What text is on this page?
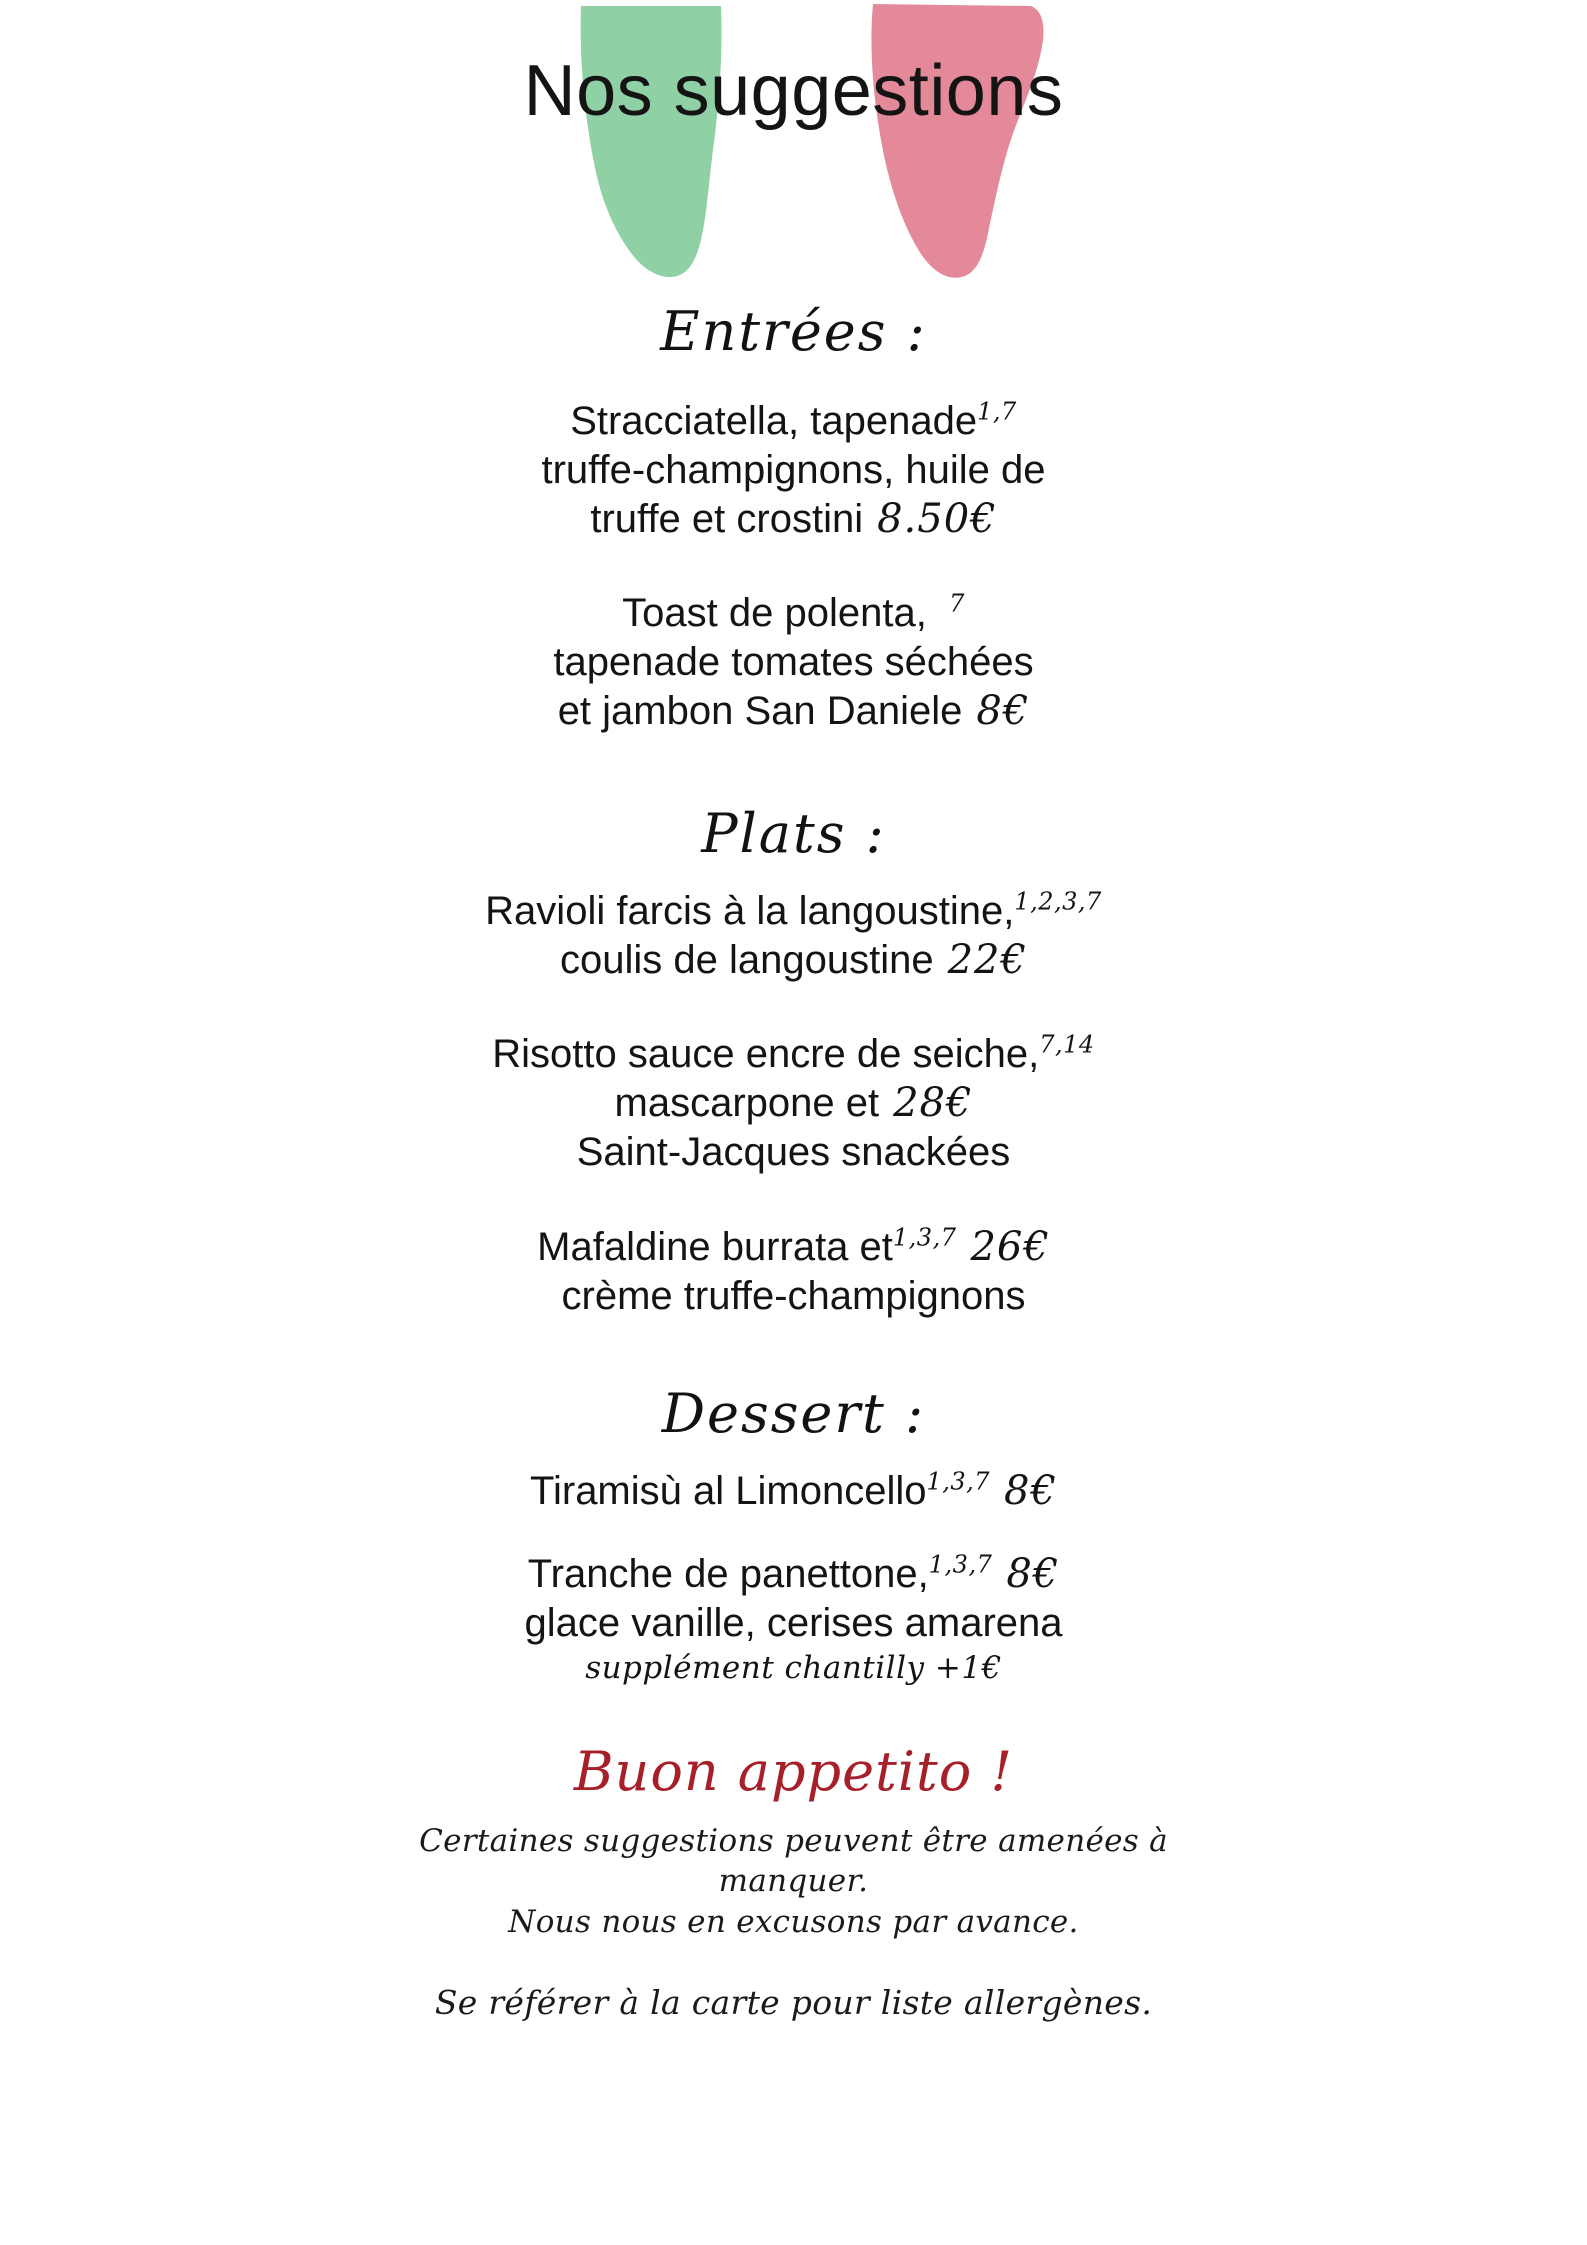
Nos suggestions
Entrées :
Stracciatella, tapenade$^{1,7}$
truffe-champignons, huile de
truffe et crostini 8.50€
Toast de polenta, $^7$
tapenade tomates séchées
et jambon San Daniele 8€
Plats :
Ravioli farcis à la langoustine,$^{1,2,3,7}$
coulis de langoustine 22€
Risotto sauce encre de seiche,$^{7,14}$
mascarpone et 28€
Saint-Jacques snackées
Mafaldine burrata et$^{1,3,7}$ 26€
crème truffe-champignons
Dessert :
Tiramisù al Limoncello$^{1,3,7}$ 8€
Tranche de panettone,$^{1,3,7}$ 8€
glace vanille, cerises amarena
supplément chantilly +1€
Buon appetito !
Certaines suggestions peuvent être amenées à
manquer.
Nous nous en excusons par avance.
Se référer à la carte pour liste allergènes.
